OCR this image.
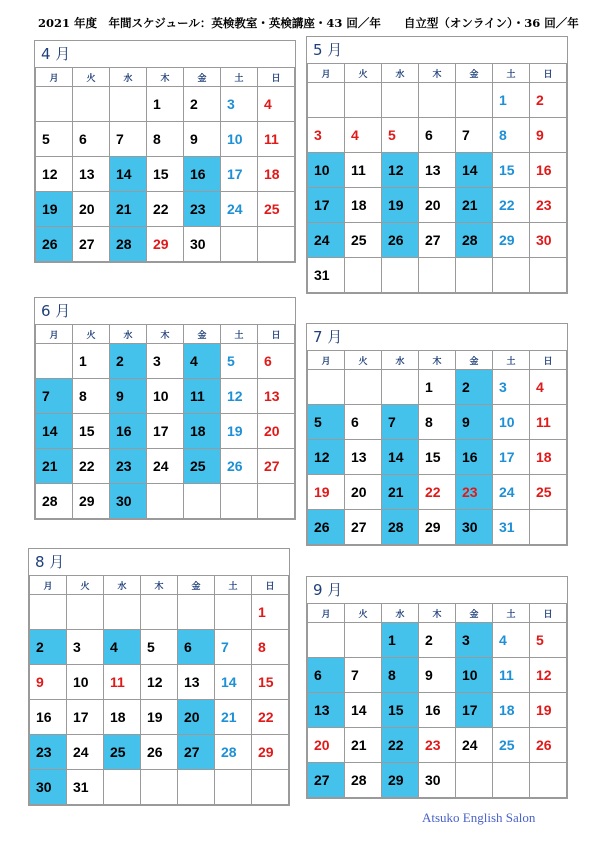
2021 年度　年間スケジュール：英検教室・英検講座・43 回／年　　自立型（オンライン）・36 回／年
4 月
月	火	水	木	金	土	日
			1	2	3	4
5	6	7	8	9	10	11
12	13	14	15	16	17	18
19	20	21	22	23	24	25
26	27	28	29	30		
5 月
月	火	水	木	金	土	日
					1	2
3	4	5	6	7	8	9
10	11	12	13	14	15	16
17	18	19	20	21	22	23
24	25	26	27	28	29	30
31						
6 月
月	火	水	木	金	土	日
	1	2	3	4	5	6
7	8	9	10	11	12	13
14	15	16	17	18	19	20
21	22	23	24	25	26	27
28	29	30				
7 月
月	火	水	木	金	土	日
			1	2	3	4
5	6	7	8	9	10	11
12	13	14	15	16	17	18
19	20	21	22	23	24	25
26	27	28	29	30	31	
8 月
月	火	水	木	金	土	日
						1
2	3	4	5	6	7	8
9	10	11	12	13	14	15
16	17	18	19	20	21	22
23	24	25	26	27	28	29
30	31					
9 月
月	火	水	木	金	土	日
		1	2	3	4	5
6	7	8	9	10	11	12
13	14	15	16	17	18	19
20	21	22	23	24	25	26
27	28	29	30			
Atsuko English Salon
